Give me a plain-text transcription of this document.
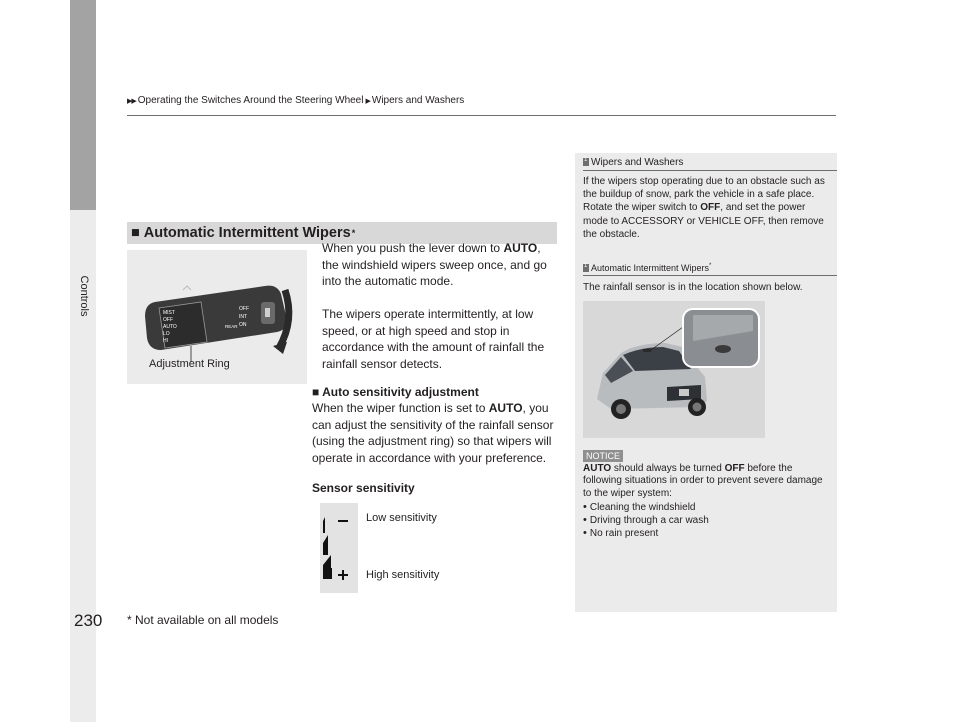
Controls
▶▶ Operating the Switches Around the Steering Wheel ▶ Wipers and Washers
■ Automatic Intermittent Wipers *
MIST
OFF
AUTO
LO
HI
REAR
OFF
INT
ON
Adjustment Ring

When you push the lever down to AUTO, the windshield wipers sweep once, and go into the automatic mode.

The wipers operate intermittently, at low speed, or at high speed and stop in accordance with the amount of rainfall the rainfall sensor detects.

■ Auto sensitivity adjustment

When the wiper function is set to AUTO, you can adjust the sensitivity of the rainfall sensor (using the adjustment ring) so that wipers will operate in accordance with your preference.

Sensor sensitivity
Low sensitivity
High sensitivity
1
Wipers and Washers
If the wipers stop operating due to an obstacle such as the buildup of snow, park the vehicle in a safe place.
Rotate the wiper switch to OFF, and set the power mode to ACCESSORY or VEHICLE OFF, then remove the obstacle.
1
Automatic Intermittent Wipers*
The rainfall sensor is in the location shown below.
NOTICE
AUTO should always be turned OFF before the following situations in order to prevent severe damage to the wiper system:
• Cleaning the windshield
• Driving through a car wash
• No rain present
230 * Not available on all models
